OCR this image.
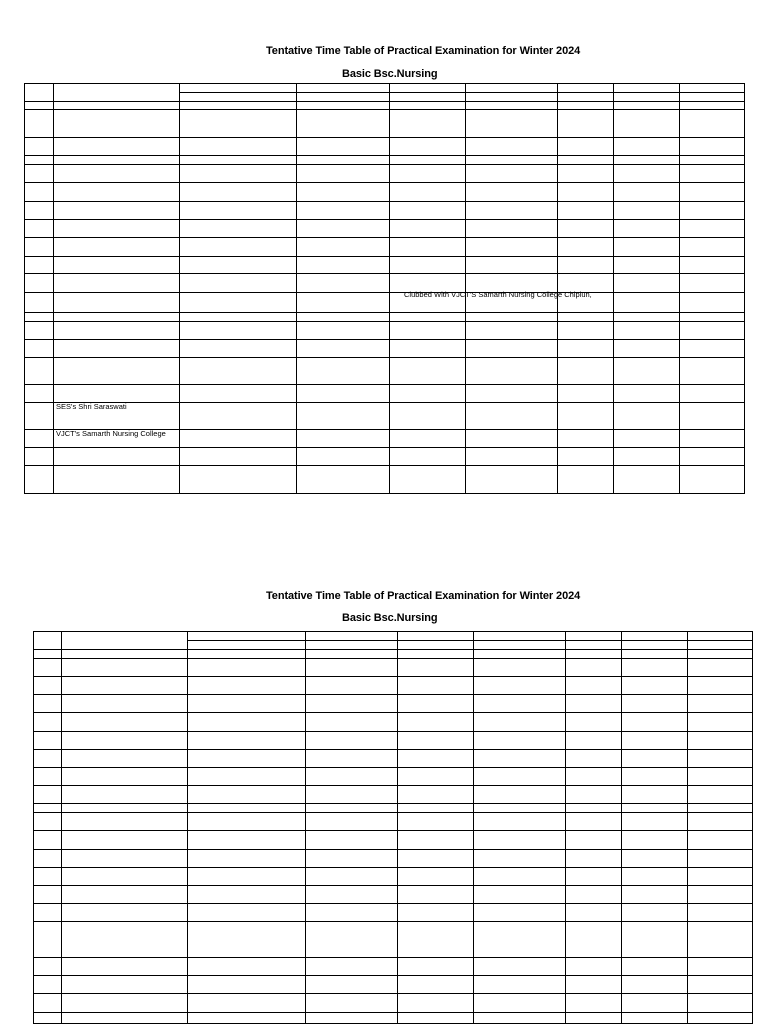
Tentative Time Table of Practical Examination for Winter 2024
Basic Bsc.Nursing
Clubbed With VJCT'S Samarth Nursing College Chiplun,
SES's Shri Saraswati
VJCT's Samarth Nursing College
Tentative Time Table of Practical Examination for Winter 2024
Basic Bsc.Nursing
